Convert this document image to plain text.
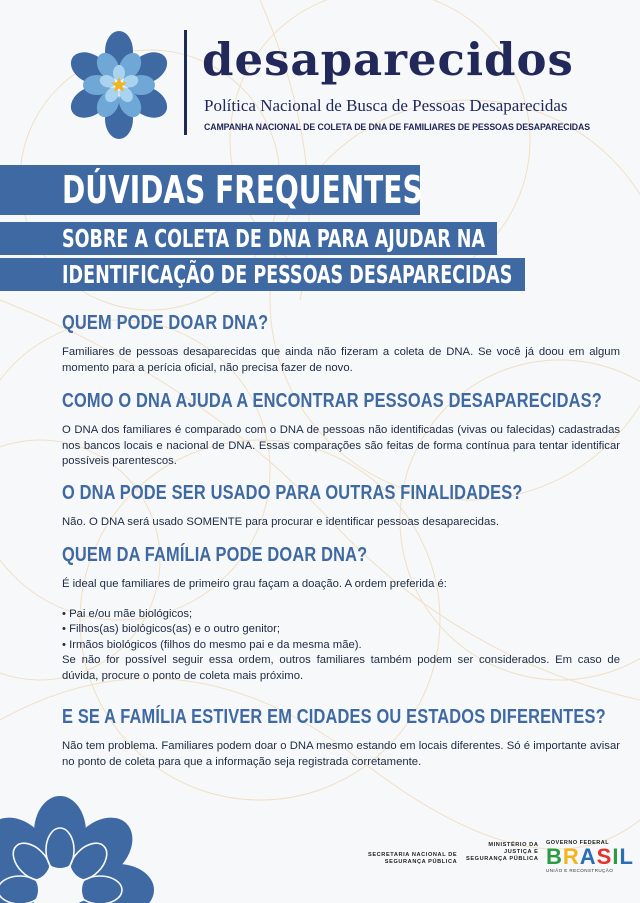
desaparecidos
Política Nacional de Busca de Pessoas Desaparecidas
CAMPANHA NACIONAL DE COLETA DE DNA DE FAMILIARES DE PESSOAS DESAPARECIDAS
DÚVIDAS FREQUENTES
SOBRE A COLETA DE DNA PARA AJUDAR NA
IDENTIFICAÇÃO DE PESSOAS DESAPARECIDAS
QUEM PODE DOAR DNA?

Familiares de pessoas desaparecidas que ainda não fizeram a coleta de DNA. Se você já doou em algum momento para a perícia oficial, não precisa fazer de novo.

COMO O DNA AJUDA A ENCONTRAR PESSOAS DESAPARECIDAS?

O DNA dos familiares é comparado com o DNA de pessoas não identificadas (vivas ou falecidas) cadastradas nos bancos locais e nacional de DNA. Essas comparações são feitas de forma contínua para tentar identificar possíveis parentescos.

O DNA PODE SER USADO PARA OUTRAS FINALIDADES?

Não. O DNA será usado SOMENTE para procurar e identificar pessoas desaparecidas.

QUEM DA FAMÍLIA PODE DOAR DNA?

É ideal que familiares de primeiro grau façam a doação. A ordem preferida é:

• Pai e/ou mãe biológicos;
• Filhos(as) biológicos(as) e o outro genitor;
• Irmãos biológicos (filhos do mesmo pai e da mesma mãe).

Se não for possível seguir essa ordem, outros familiares também podem ser considerados. Em caso de dúvida, procure o ponto de coleta mais próximo.

E SE A FAMÍLIA ESTIVER EM CIDADES OU ESTADOS DIFERENTES?

Não tem problema. Familiares podem doar o DNA mesmo estando em locais diferentes. Só é importante avisar no ponto de coleta para que a informação seja registrada corretamente.

SECRETARIA NACIONAL DE
SEGURANÇA PÚBLICA
MINISTÉRIO DA
JUSTIÇA E
SEGURANÇA PÚBLICA
GOVERNO FEDERAL
BRASIL
UNIÃO E RECONSTRUÇÃO
